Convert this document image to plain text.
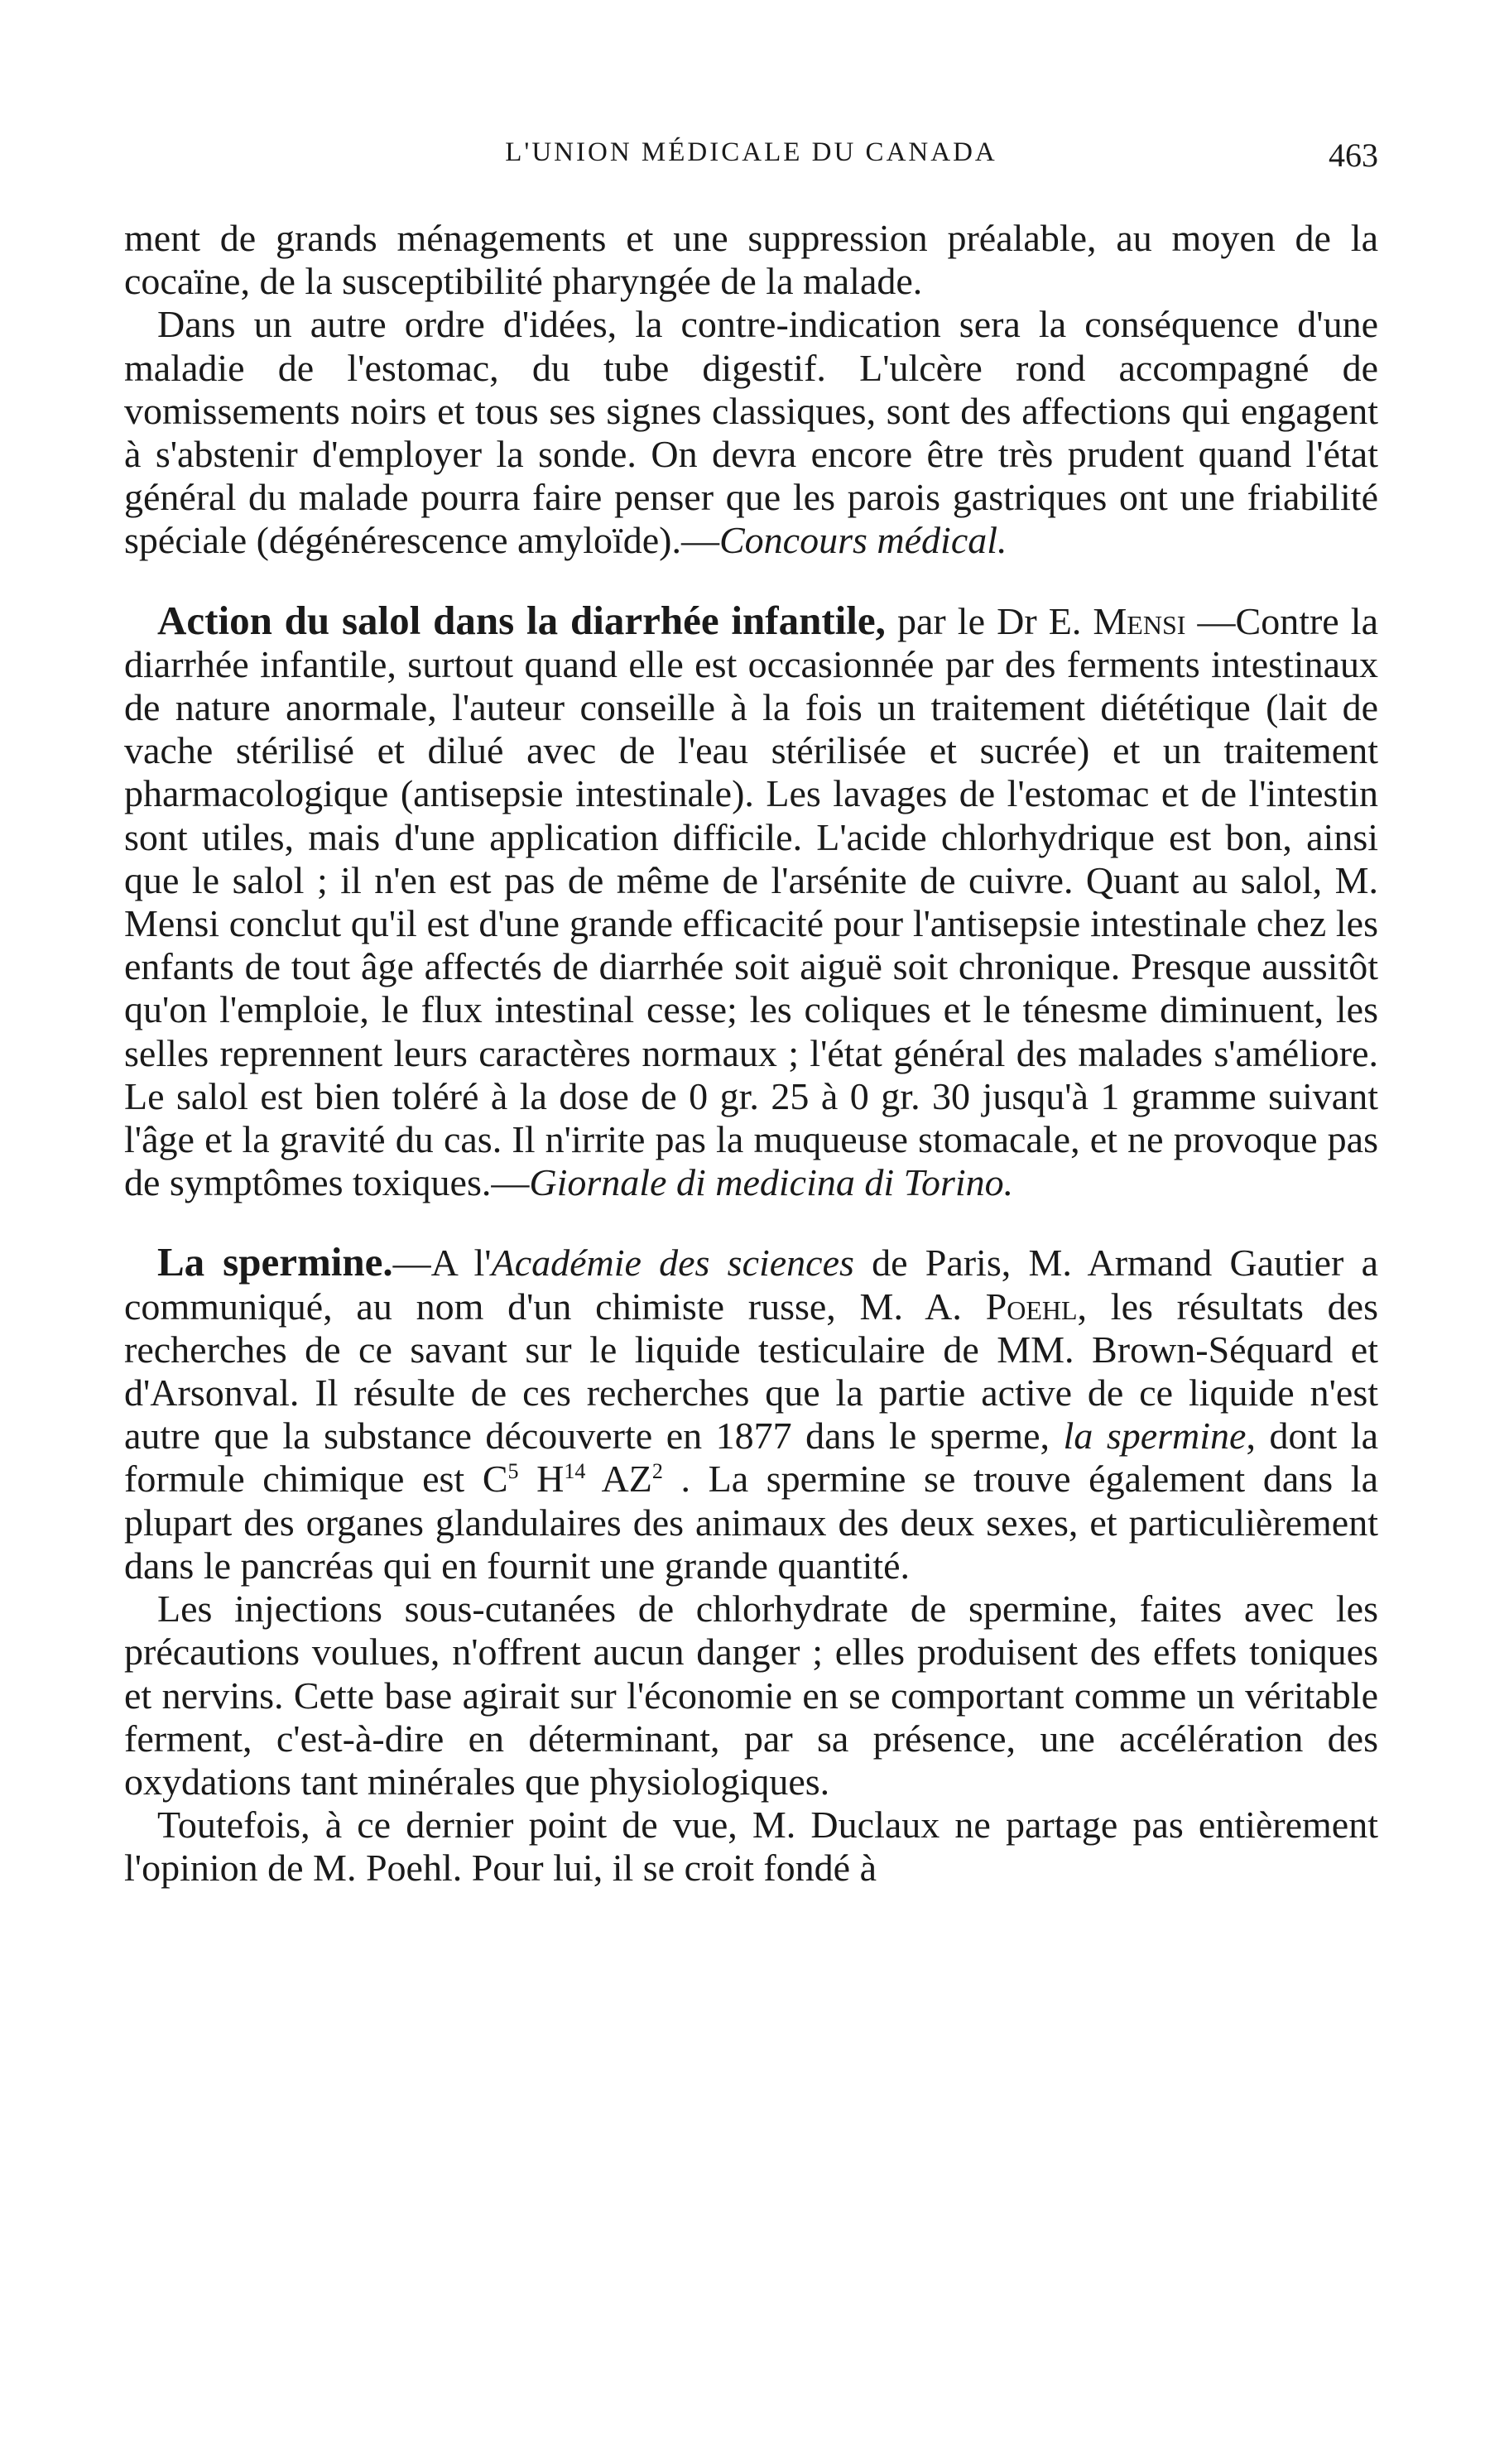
L'UNION MÉDICALE DU CANADA	463

ment de grands ménagements et une suppression préalable, au moyen de la cocaïne, de la susceptibilité pharyngée de la malade.

Dans un autre ordre d'idées, la contre-indication sera la conséquence d'une maladie de l'estomac, du tube digestif. L'ulcère rond accompagné de vomissements noirs et tous ses signes classiques, sont des affections qui engagent à s'abstenir d'employer la sonde. On devra encore être très prudent quand l'état général du malade pourra faire penser que les parois gastriques ont une friabilité spéciale (dégénérescence amyloïde).—Concours médical.

Action du salol dans la diarrhée infantile, par le Dr E. Mensi —Contre la diarrhée infantile, surtout quand elle est occasionnée par des ferments intestinaux de nature anormale, l'auteur conseille à la fois un traitement diététique (lait de vache stérilisé et dilué avec de l'eau stérilisée et sucrée) et un traitement pharmacologique (antisepsie intestinale). Les lavages de l'estomac et de l'intestin sont utiles, mais d'une application difficile. L'acide chlorhydrique est bon, ainsi que le salol ; il n'en est pas de même de l'arsénite de cuivre. Quant au salol, M. Mensi conclut qu'il est d'une grande efficacité pour l'antisepsie intestinale chez les enfants de tout âge affectés de diarrhée soit aiguë soit chronique. Presque aussitôt qu'on l'emploie, le flux intestinal cesse; les coliques et le ténesme diminuent, les selles reprennent leurs caractères normaux ; l'état général des malades s'améliore. Le salol est bien toléré à la dose de 0 gr. 25 à 0 gr. 30 jusqu'à 1 gramme suivant l'âge et la gravité du cas. Il n'irrite pas la muqueuse stomacale, et ne provoque pas de symptômes toxiques.—Giornale di medicina di Torino.

La spermine.—A l'Académie des sciences de Paris, M. Armand Gautier a communiqué, au nom d'un chimiste russe, M. A. Poehl, les résultats des recherches de ce savant sur le liquide testiculaire de MM. Brown-Séquard et d'Arsonval. Il résulte de ces recherches que la partie active de ce liquide n'est autre que la substance découverte en 1877 dans le sperme, la spermine, dont la formule chimique est $C^5$ $H^{14}$ $AZ^2$ . La spermine se trouve également dans la plupart des organes glandulaires des animaux des deux sexes, et particulièrement dans le pancréas qui en fournit une grande quantité.

Les injections sous-cutanées de chlorhydrate de spermine, faites avec les précautions voulues, n'offrent aucun danger ; elles produisent des effets toniques et nervins. Cette base agirait sur l'économie en se comportant comme un véritable ferment, c'est-à-dire en déterminant, par sa présence, une accélération des oxydations tant minérales que physiologiques.

Toutefois, à ce dernier point de vue, M. Duclaux ne partage pas entièrement l'opinion de M. Poehl. Pour lui, il se croit fondé à
